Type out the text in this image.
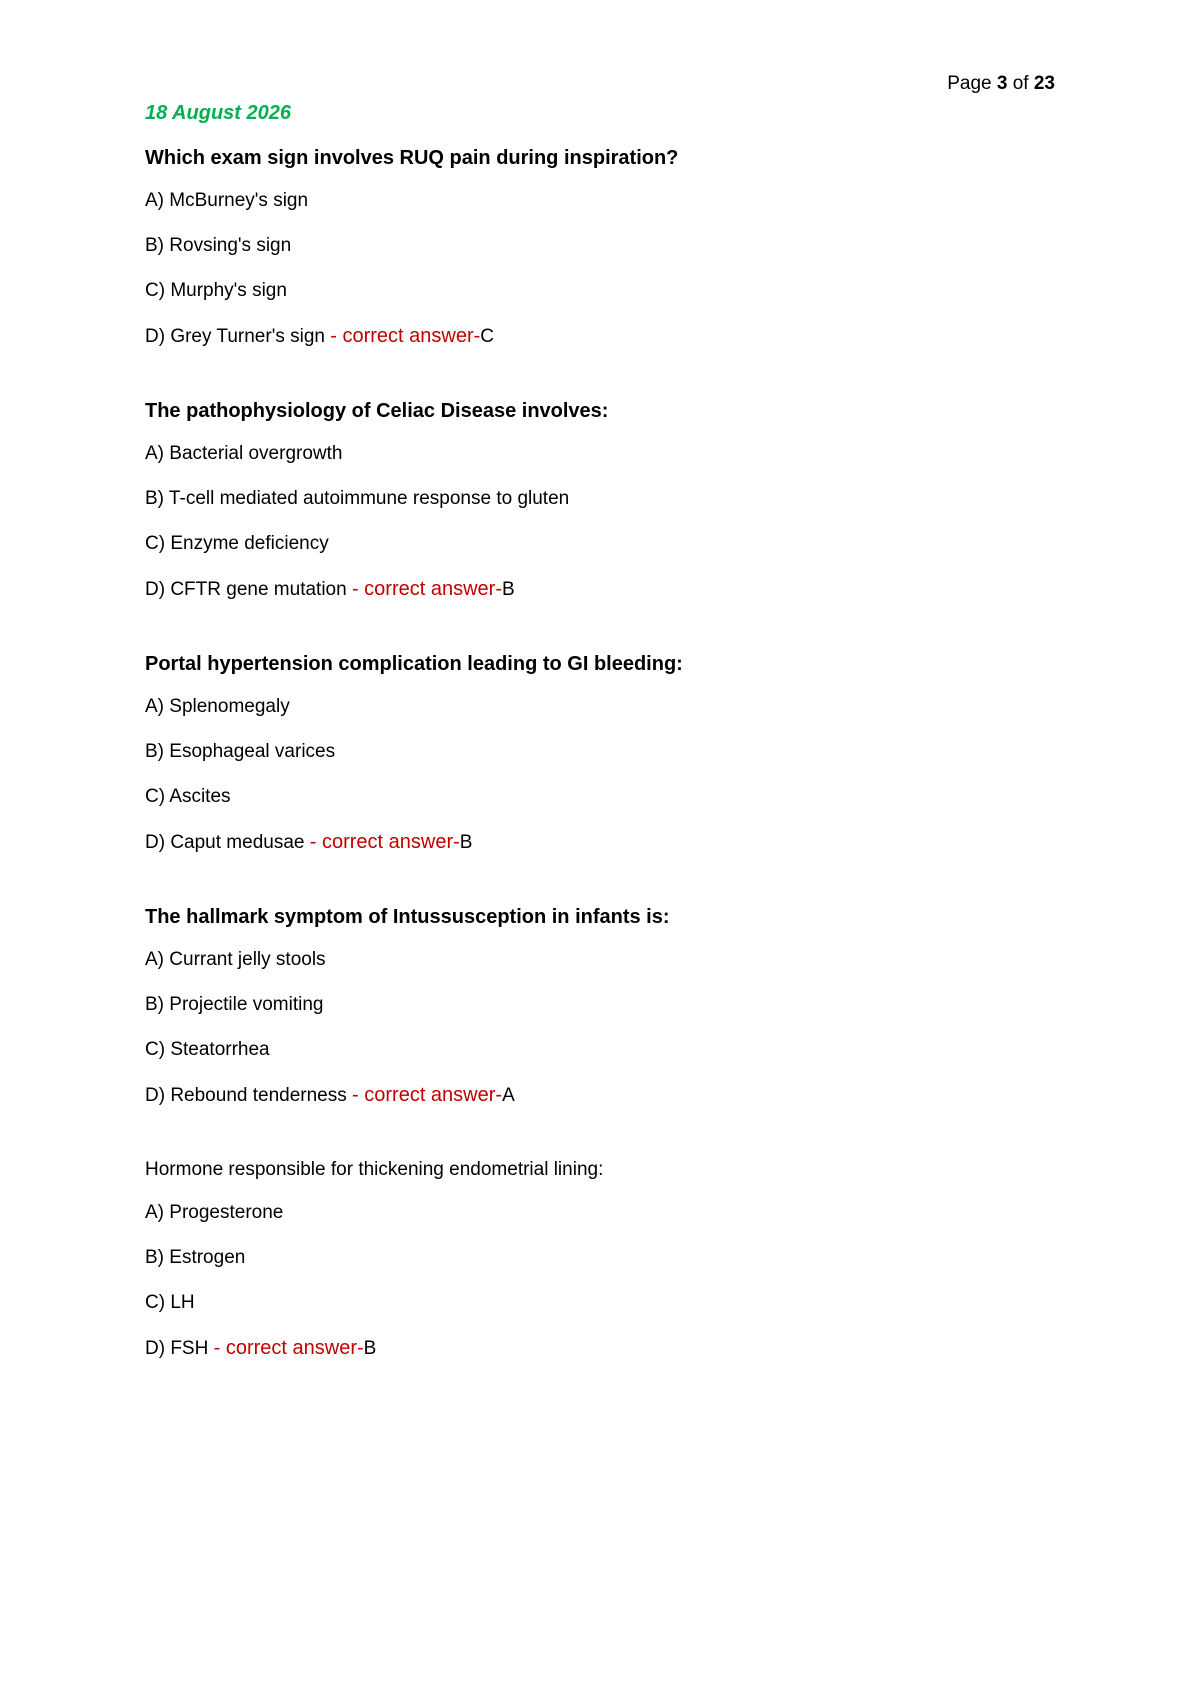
Page 3 of 23

18 August 2026

Which exam sign involves RUQ pain during inspiration?

A) McBurney's sign

B) Rovsing's sign

C) Murphy's sign

D) Grey Turner's sign - correct answer-C

The pathophysiology of Celiac Disease involves:

A) Bacterial overgrowth

B) T-cell mediated autoimmune response to gluten

C) Enzyme deficiency

D) CFTR gene mutation - correct answer-B

Portal hypertension complication leading to GI bleeding:

A) Splenomegaly

B) Esophageal varices

C) Ascites

D) Caput medusae - correct answer-B

The hallmark symptom of Intussusception in infants is:

A) Currant jelly stools

B) Projectile vomiting

C) Steatorrhea

D) Rebound tenderness - correct answer-A

Hormone responsible for thickening endometrial lining:

A) Progesterone

B) Estrogen

C) LH

D) FSH - correct answer-B
